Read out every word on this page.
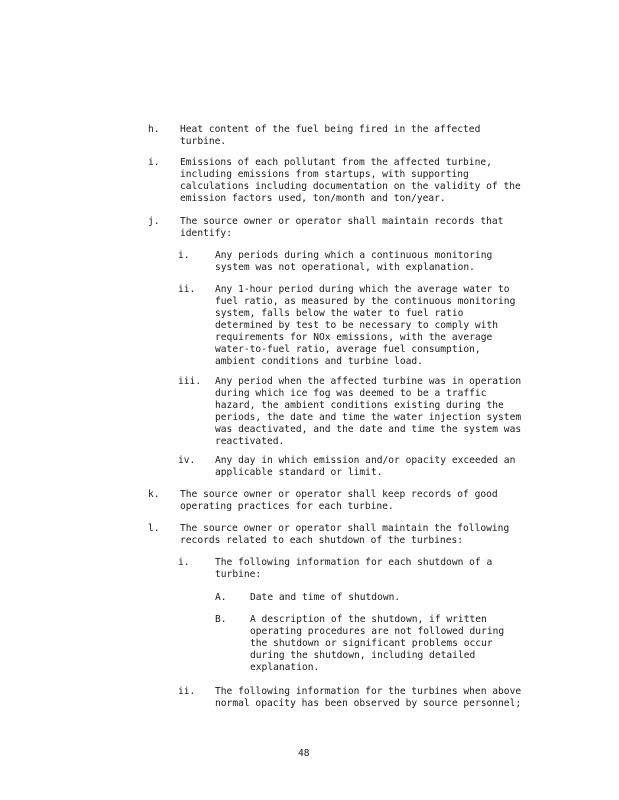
h. Heat content of the fuel being fired in the affected
turbine.
i. Emissions of each pollutant from the affected turbine,
including emissions from startups, with supporting
calculations including documentation on the validity of the
emission factors used, ton/month and ton/year.
j. The source owner or operator shall maintain records that
identify:
i.	Any periods during which a continuous monitoring
system was not operational, with explanation.
ii. Any 1-hour period during which the average water to
fuel ratio, as measured by the continuous monitoring
system, falls below the water to fuel ratio
determined by test to be necessary to comply with
requirements for NOx emissions, with the average
water-to-fuel ratio, average fuel consumption,
ambient conditions and turbine load.
iii. Any period when the affected turbine was in operation
during which ice fog was deemed to be a traffic
hazard, the ambient conditions existing during the
periods, the date and time the water injection system
was deactivated, and the date and time the system was
reactivated.
iv. Any day in which emission and/or opacity exceeded an
applicable standard or limit.
k. The source owner or operator shall keep records of good
operating practices for each turbine.
l. The source owner or operator shall maintain the following
records related to each shutdown of the turbines:
i.	The following information for each shutdown of a
turbine:
A. Date and time of shutdown.
B. A description of the shutdown, if written
operating procedures are not followed during
the shutdown or significant problems occur
during the shutdown, including detailed
explanation.
ii. The following information for the turbines when above
normal opacity has been observed by source personnel;
48
